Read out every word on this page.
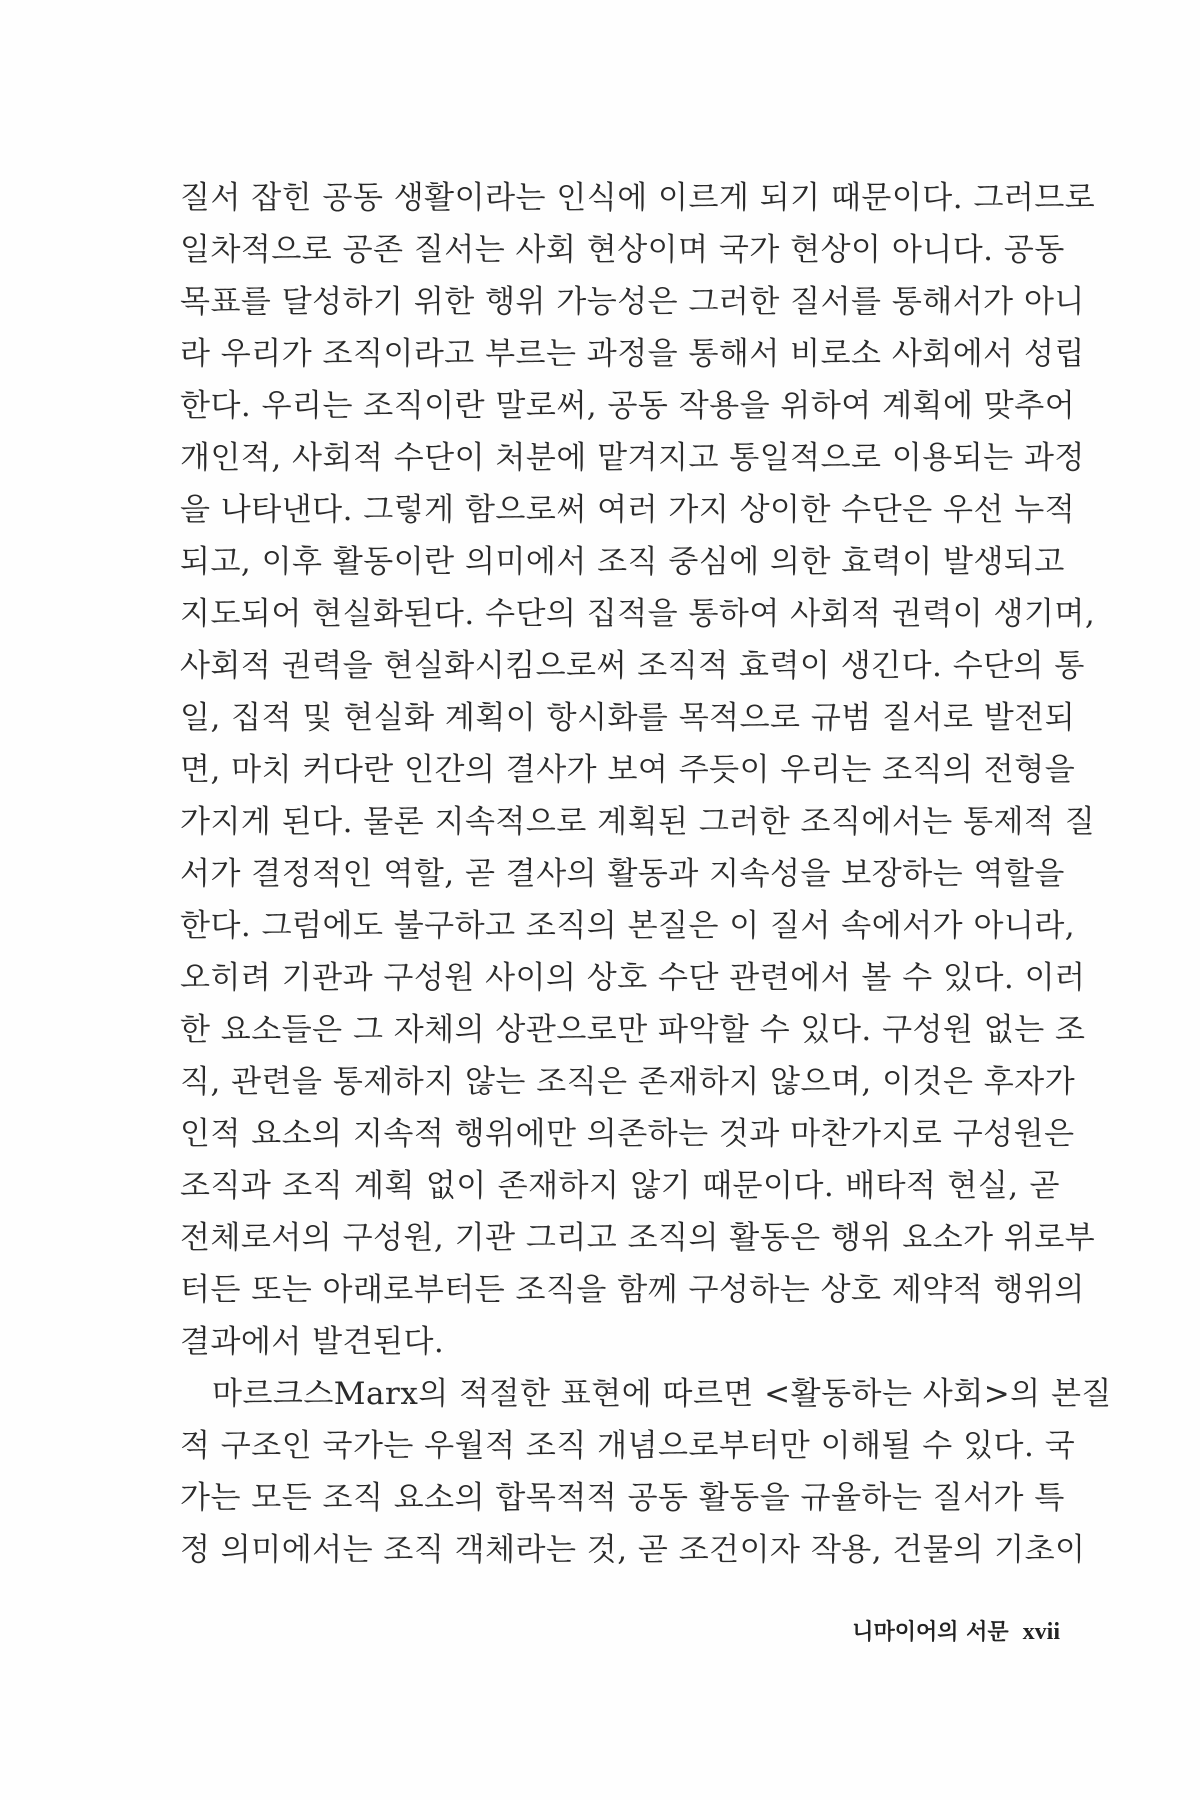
질서 잡힌 공동 생활이라는 인식에 이르게 되기 때문이다. 그러므로
일차적으로 공존 질서는 사회 현상이며 국가 현상이 아니다. 공동
목표를 달성하기 위한 행위 가능성은 그러한 질서를 통해서가 아니
라 우리가 조직이라고 부르는 과정을 통해서 비로소 사회에서 성립
한다. 우리는 조직이란 말로써, 공동 작용을 위하여 계획에 맞추어
개인적, 사회적 수단이 처분에 맡겨지고 통일적으로 이용되는 과정
을 나타낸다. 그렇게 함으로써 여러 가지 상이한 수단은 우선 누적
되고, 이후 활동이란 의미에서 조직 중심에 의한 효력이 발생되고
지도되어 현실화된다. 수단의 집적을 통하여 사회적 권력이 생기며,
사회적 권력을 현실화시킴으로써 조직적 효력이 생긴다. 수단의 통
일, 집적 및 현실화 계획이 항시화를 목적으로 규범 질서로 발전되
면, 마치 커다란 인간의 결사가 보여 주듯이 우리는 조직의 전형을
가지게 된다. 물론 지속적으로 계획된 그러한 조직에서는 통제적 질
서가 결정적인 역할, 곧 결사의 활동과 지속성을 보장하는 역할을
한다. 그럼에도 불구하고 조직의 본질은 이 질서 속에서가 아니라,
오히려 기관과 구성원 사이의 상호 수단 관련에서 볼 수 있다. 이러
한 요소들은 그 자체의 상관으로만 파악할 수 있다. 구성원 없는 조
직, 관련을 통제하지 않는 조직은 존재하지 않으며, 이것은 후자가
인적 요소의 지속적 행위에만 의존하는 것과 마찬가지로 구성원은
조직과 조직 계획 없이 존재하지 않기 때문이다. 배타적 현실, 곧
전체로서의 구성원, 기관 그리고 조직의 활동은 행위 요소가 위로부
터든 또는 아래로부터든 조직을 함께 구성하는 상호 제약적 행위의
결과에서 발견된다.
마르크스Marx의 적절한 표현에 따르면 <활동하는 사회>의 본질
적 구조인 국가는 우월적 조직 개념으로부터만 이해될 수 있다. 국
가는 모든 조직 요소의 합목적적 공동 활동을 규율하는 질서가 특
정 의미에서는 조직 객체라는 것, 곧 조건이자 작용, 건물의 기초이
니마이어의 서문 xvii
